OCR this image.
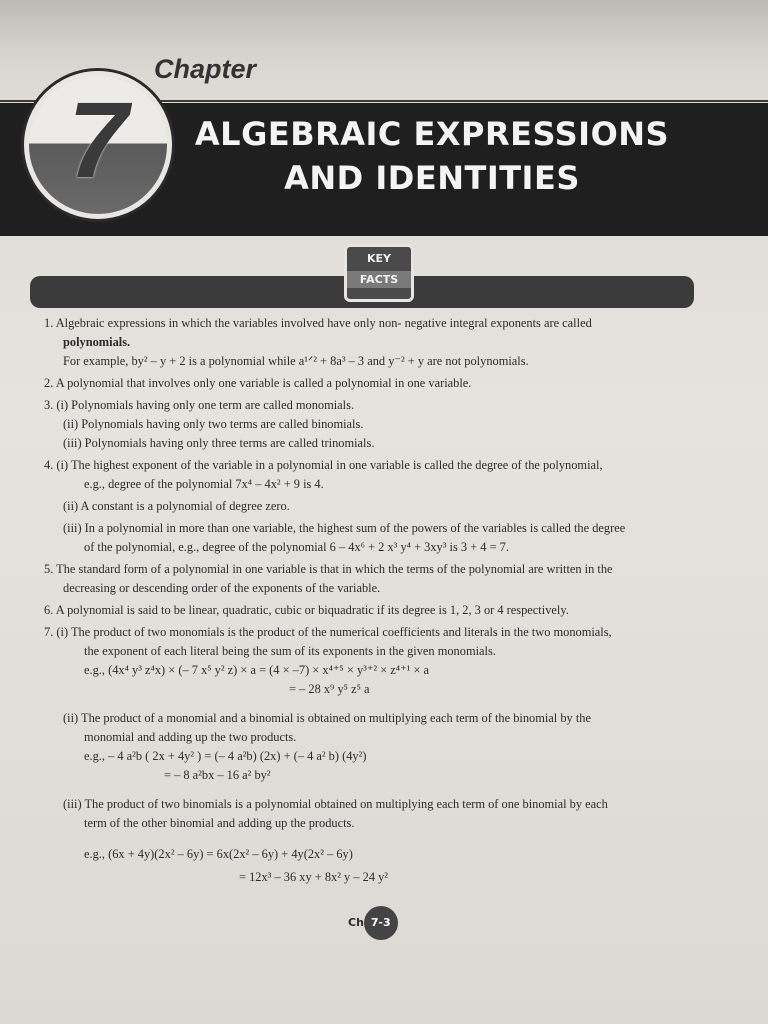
Chapter
7	ALGEBRAIC EXPRESSIONS
AND IDENTITIES
KEY
FACTS
1. Algebraic expressions in which the variables involved have only non- negative integral exponents are called
polynomials.
For example, by² – y + 2 is a polynomial while a¹ᐟ² + 8a³ – 3 and y⁻² + y are not polynomials.
2. A polynomial that involves only one variable is called a polynomial in one variable.
3. (i) Polynomials having only one term are called monomials.
(ii) Polynomials having only two terms are called binomials.
(iii) Polynomials having only three terms are called trinomials.
4. (i) The highest exponent of the variable in a polynomial in one variable is called the degree of the polynomial,
e.g., degree of the polynomial 7x⁴ – 4x² + 9 is 4.
(ii) A constant is a polynomial of degree zero.
(iii) In a polynomial in more than one variable, the highest sum of the powers of the variables is called the degree
of the polynomial, e.g., degree of the polynomial 6 – 4x⁶ + 2 x³ y⁴ + 3xy³ is 3 + 4 = 7.
5. The standard form of a polynomial in one variable is that in which the terms of the polynomial are written in the
decreasing or descending order of the exponents of the variable.
6. A polynomial is said to be linear, quadratic, cubic or biquadratic if its degree is 1, 2, 3 or 4 respectively.
7. (i) The product of two monomials is the product of the numerical coefficients and literals in the two monomials,
the exponent of each literal being the sum of its exponents in the given monomials.
e.g., (4x⁴ y³ z⁴x) × (– 7 x⁵ y² z) × a = (4 × –7) × x⁴⁺⁵ × y³⁺² × z⁴⁺¹ × a
= – 28 x⁹ y⁵ z⁵ a
(ii) The product of a monomial and a binomial is obtained on multiplying each term of the binomial by the
monomial and adding up the two products.
e.g., – 4 a²b ( 2x + 4y² ) = (– 4 a²b) (2x) + (– 4 a² b) (4y²)
= – 8 a²bx – 16 a² by²
(iii) The product of two binomials is a polynomial obtained on multiplying each term of one binomial by each
term of the other binomial and adding up the products.
e.g., (6x + 4y)(2x² – 6y) = 6x(2x² – 6y) + 4y(2x² – 6y)
= 12x³ – 36 xy + 8x² y – 24 y²
Ch 7-3
